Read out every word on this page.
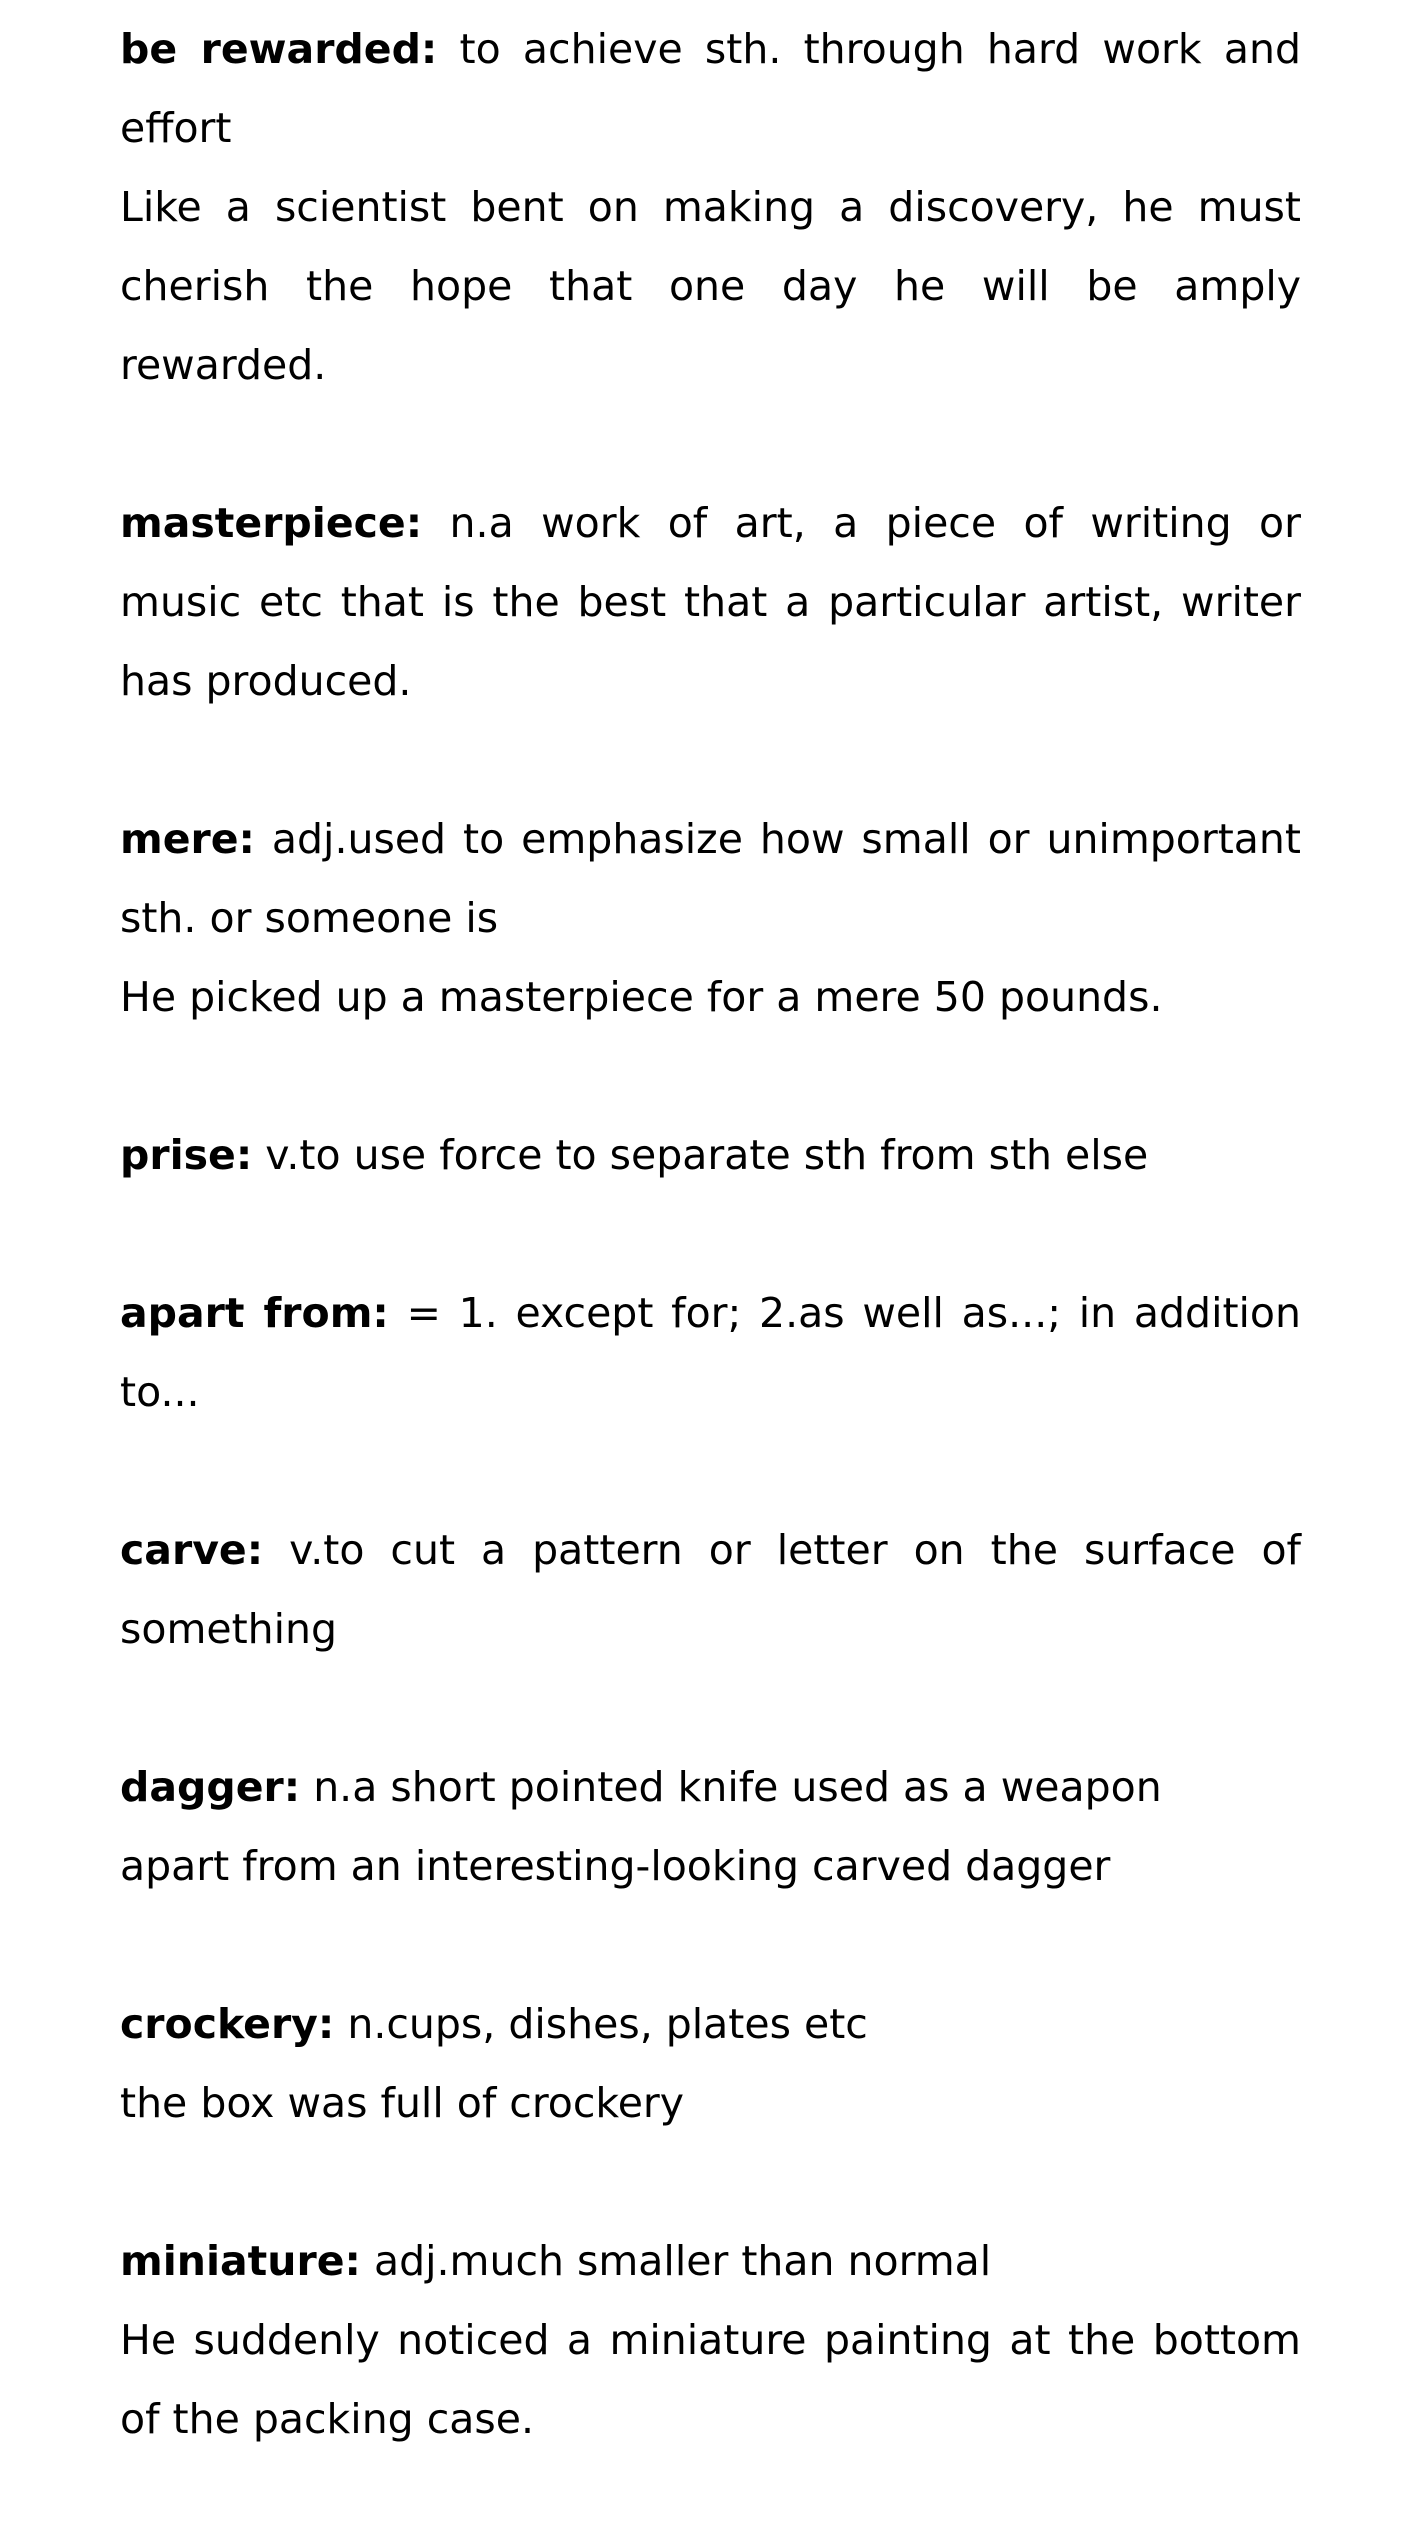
be rewarded: to achieve sth. through hard work and effort

Like a scientist bent on making a discovery, he must cherish the hope that one day he will be amply rewarded.

masterpiece: n.a work of art, a piece of writing or music etc that is the best that a particular artist, writer has produced.

mere: adj.used to emphasize how small or unimportant sth. or someone is

He picked up a masterpiece for a mere 50 pounds.

prise: v.to use force to separate sth from sth else

apart from: = 1. except for; 2.as well as...; in addition to...

carve: v.to cut a pattern or letter on the surface of something

dagger: n.a short pointed knife used as a weapon

apart from an interesting-looking carved dagger

crockery: n.cups, dishes, plates etc

the box was full of crockery

miniature: adj.much smaller than normal

He suddenly noticed a miniature painting at the bottom of the packing case.
